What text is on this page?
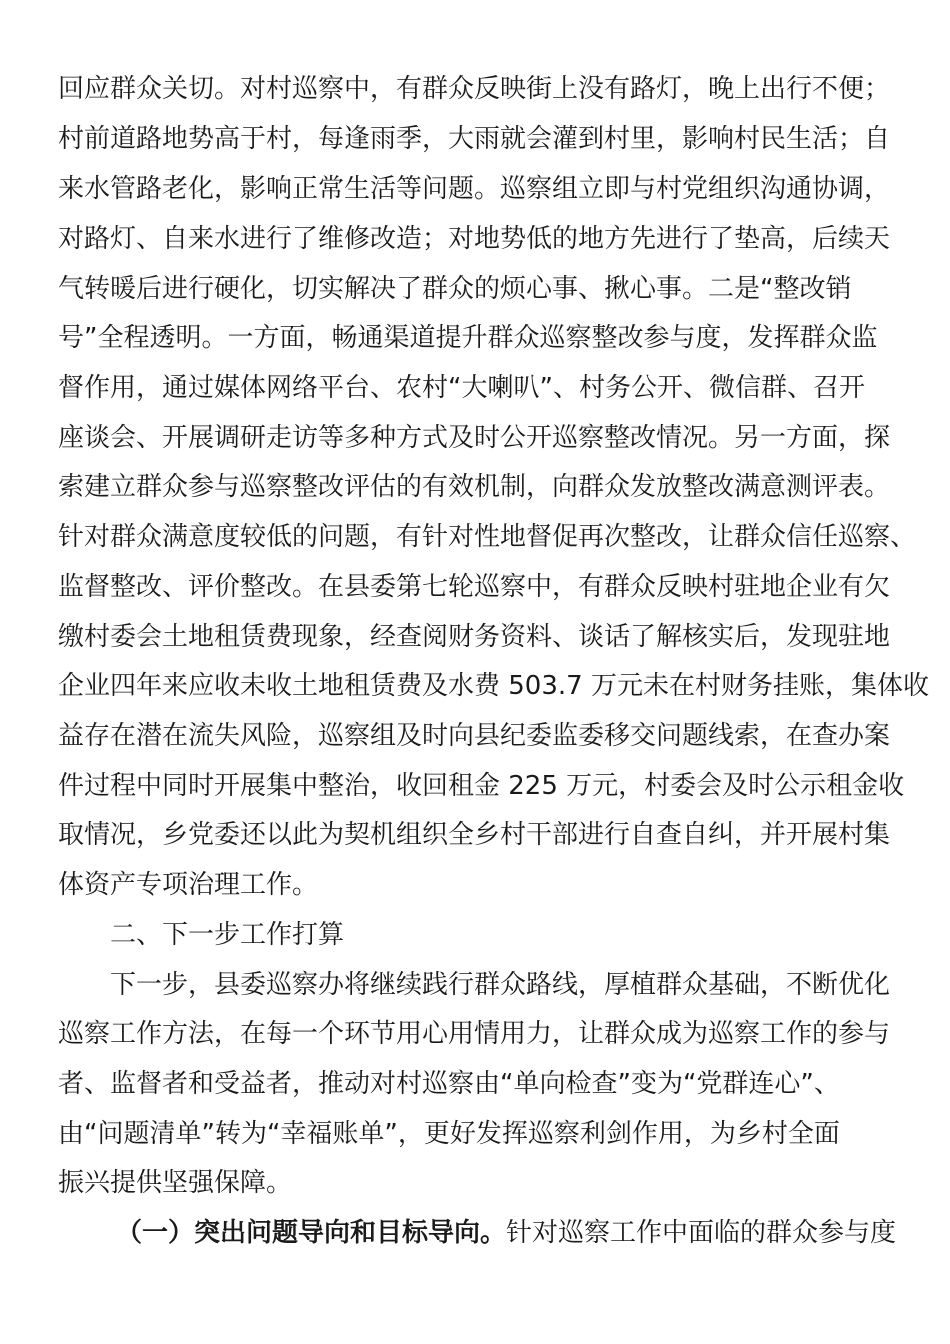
回应群众关切。对村巡察中，有群众反映街上没有路灯，晚上出行不便；
村前道路地势高于村，每逢雨季，大雨就会灌到村里，影响村民生活；自
来水管路老化，影响正常生活等问题。巡察组立即与村党组织沟通协调，
对路灯、自来水进行了维修改造；对地势低的地方先进行了垫高，后续天
气转暖后进行硬化，切实解决了群众的烦心事、揪心事。二是“整改销
号”全程透明。一方面，畅通渠道提升群众巡察整改参与度，发挥群众监
督作用，通过媒体网络平台、农村“大喇叭”、村务公开、微信群、召开
座谈会、开展调研走访等多种方式及时公开巡察整改情况。另一方面，探
索建立群众参与巡察整改评估的有效机制，向群众发放整改满意测评表。
针对群众满意度较低的问题，有针对性地督促再次整改，让群众信任巡察、
监督整改、评价整改。在县委第七轮巡察中，有群众反映村驻地企业有欠
缴村委会土地租赁费现象，经查阅财务资料、谈话了解核实后，发现驻地
企业四年来应收未收土地租赁费及水费 503.7 万元未在村财务挂账，集体收
益存在潜在流失风险，巡察组及时向县纪委监委移交问题线索，在查办案
件过程中同时开展集中整治，收回租金 225 万元，村委会及时公示租金收
取情况，乡党委还以此为契机组织全乡村干部进行自查自纠，并开展村集
体资产专项治理工作。
二、下一步工作打算
下一步，县委巡察办将继续践行群众路线，厚植群众基础，不断优化
巡察工作方法，在每一个环节用心用情用力，让群众成为巡察工作的参与
者、监督者和受益者，推动对村巡察由“单向检查”变为“党群连心”、
由“问题清单”转为“幸福账单”，更好发挥巡察利剑作用，为乡村全面
振兴提供坚强保障。
（一）突出问题导向和目标导向。针对巡察工作中面临的群众参与度
